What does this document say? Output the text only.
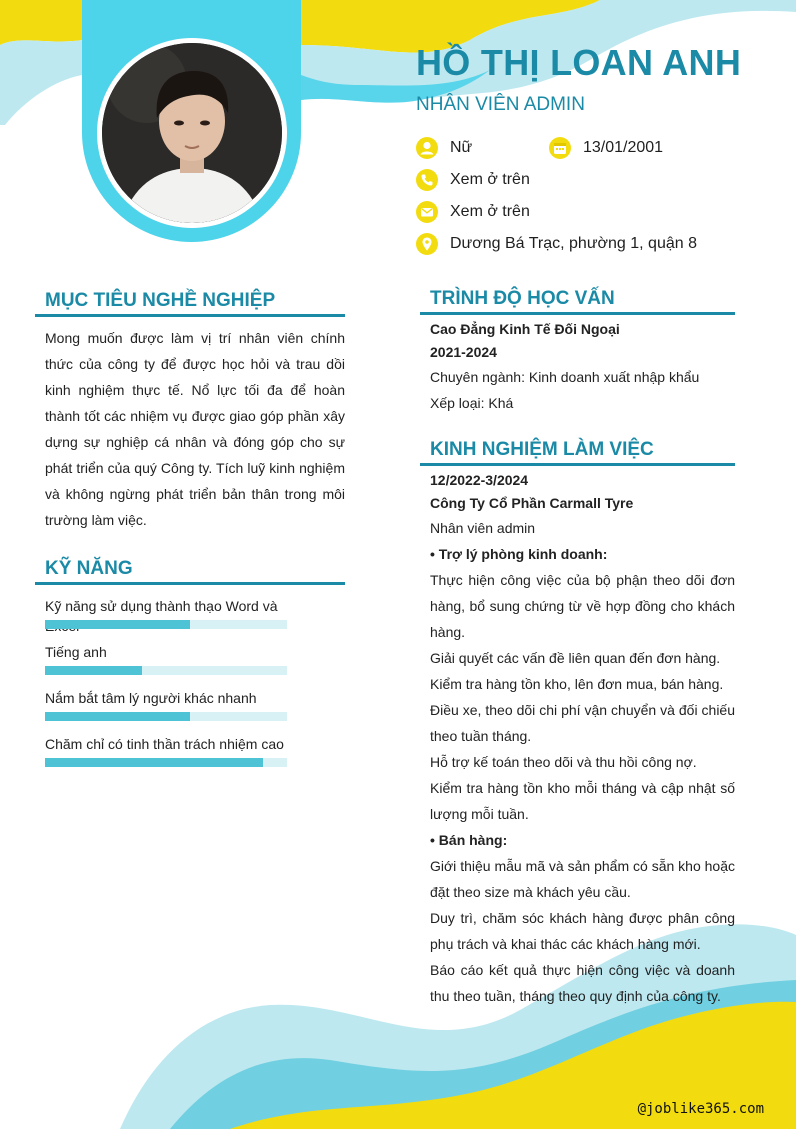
HỒ THỊ LOAN ANH
NHÂN VIÊN ADMIN
Nữ	13/01/2001
Xem ở trên
Xem ở trên
Dương Bá Trạc, phường 1, quận 8
MỤC TIÊU NGHỀ NGHIỆP
Mong muốn được làm vị trí nhân viên chính thức của công ty để được học hỏi và trau dồi kinh nghiệm thực tế. Nổ lực tối đa để hoàn thành tốt các nhiệm vụ được giao góp phần xây dựng sự nghiệp cá nhân và đóng góp cho sự phát triển của quý Công ty. Tích luỹ kinh nghiệm và không ngừng phát triển bản thân trong môi trường làm việc.
KỸ NĂNG
Kỹ năng sử dụng thành thạo Word và
Tiếng anh
Nắm bắt tâm lý người khác nhanh
Chăm chỉ có tinh thần trách nhiệm cao
TRÌNH ĐỘ HỌC VẤN
Cao Đẳng Kinh Tế Đối Ngoại
2021-2024
Chuyên ngành: Kinh doanh xuất nhập khẩu
Xếp loại: Khá
KINH NGHIỆM LÀM VIỆC
12/2022-3/2024
Công Ty Cổ Phần Carmall Tyre
Nhân viên admin
• Trợ lý phòng kinh doanh:
Thực hiện công việc của bộ phận theo dõi đơn hàng, bổ sung chứng từ về hợp đồng cho khách hàng.
Giải quyết các vấn đề liên quan đến đơn hàng.
Kiểm tra hàng tồn kho, lên đơn mua, bán hàng.
Điều xe, theo dõi chi phí vận chuyển và đối chiếu theo tuần tháng.
Hỗ trợ kế toán theo dõi và thu hồi công nợ.
Kiểm tra hàng tồn kho mỗi tháng và cập nhật số lượng mỗi tuần.
• Bán hàng:
Giới thiệu mẫu mã và sản phẩm có sẵn kho hoặc đặt theo size mà khách yêu cầu.
Duy trì, chăm sóc khách hàng được phân công phụ trách và khai thác các khách hàng mới.
Báo cáo kết quả thực hiện công việc và doanh thu theo tuần, tháng theo quy định của công ty.
@joblike365.com
